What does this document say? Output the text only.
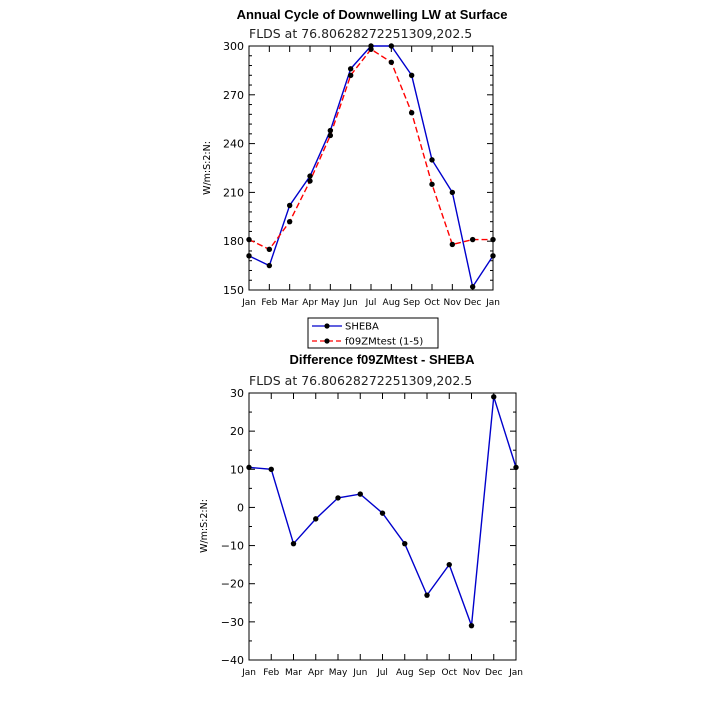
Annual Cycle of Downwelling LW at Surface
FLDS at 76.80628272251309,202.5
W/m:S:2:N:
150
180
210
240
270
300
Jan Feb Mar Apr May Jun Jul Aug Sep Oct Nov Dec Jan
SHEBA
f09ZMtest (1-5)
Difference f09ZMtest - SHEBA
FLDS at 76.80628272251309,202.5
W/m:S:2:N:
−40
−30
−20
−10
0
10
20
30
Jan Feb Mar Apr May Jun Jul Aug Sep Oct Nov Dec Jan
